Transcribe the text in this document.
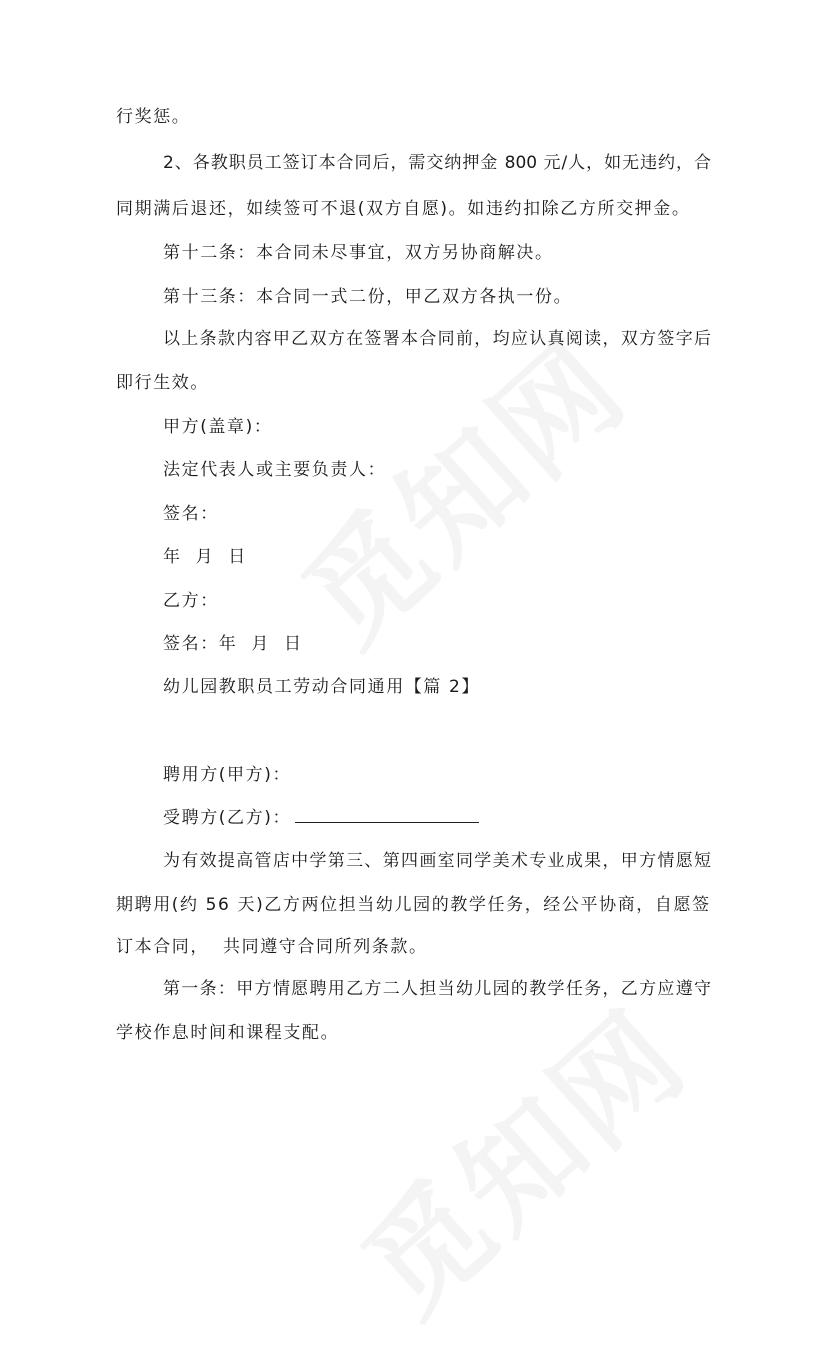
行奖惩。
2、各教职员工签订本合同后，需交纳押金 800 元/人，如无违约，合
同期满后退还，如续签可不退(双方自愿)。如违约扣除乙方所交押金。
第十二条：本合同未尽事宜，双方另协商解决。
第十三条：本合同一式二份，甲乙双方各执一份。
以上条款内容甲乙双方在签署本合同前，均应认真阅读，双方签字后
即行生效。
甲方(盖章)：
法定代表人或主要负责人：
签名：
年  月  日
乙方：
签名：年  月  日
幼儿园教职员工劳动合同通用【篇 2】
聘用方(甲方)：
受聘方(乙方)：
为有效提高管店中学第三、第四画室同学美术专业成果，甲方情愿短
期聘用(约 56 天)乙方两位担当幼儿园的教学任务，经公平协商，自愿签
订本合同，  共同遵守合同所列条款。
第一条：甲方情愿聘用乙方二人担当幼儿园的教学任务，乙方应遵守
学校作息时间和课程支配。
